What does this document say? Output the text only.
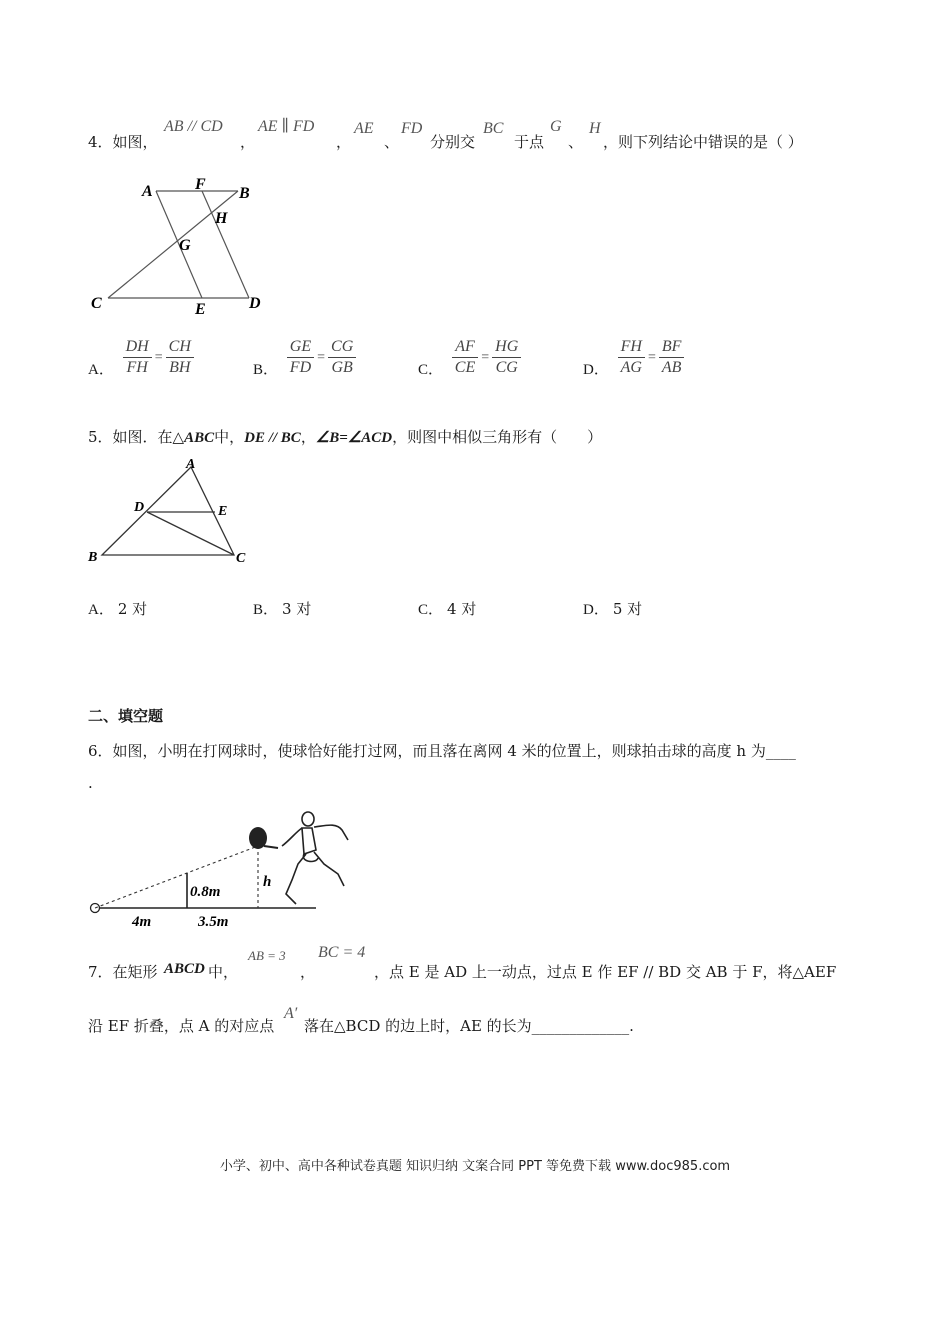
4．如图，
AB // CD
，
AE ∥ FD
，
AE
、
FD
分别交
BC
于点
G
、
H
，则下列结论中错误的是（ ）
A	F
B
H
G
C	E	D
A． $\frac{DH}{FH} = \frac{CH}{BH}$	B． $\frac{GE}{FD} = \frac{CG}{GB}$	C． $\frac{AF}{CE} = \frac{HG}{CG}$	D． $\frac{FH}{AG} = \frac{BF}{AB}$
5．如图．在△ABC中，DE // BC，∠B=∠ACD，则图中相似三角形有（　　）
A
D	E
B	C
A． 2 对	B． 3 对	C． 4 对	D． 5 对
二、填空题
6．如图，小明在打网球时，使球恰好能打过网，而且落在离网 4 米的位置上，则球拍击球的高度 h 为____
.
0.8m
h
4m	3.5m
7．在矩形 ABCD 中，
AB = 3
，
BC = 4
，点 E 是 AD 上一动点，过点 E 作 EF // BD 交 AB 于 F，将△AEF
沿 EF 折叠，点 A 的对应点
A′
落在△BCD 的边上时，AE 的长为_____________.
小学、初中、高中各种试卷真题 知识归纳 文案合同 PPT 等免费下载 www.doc985.com
